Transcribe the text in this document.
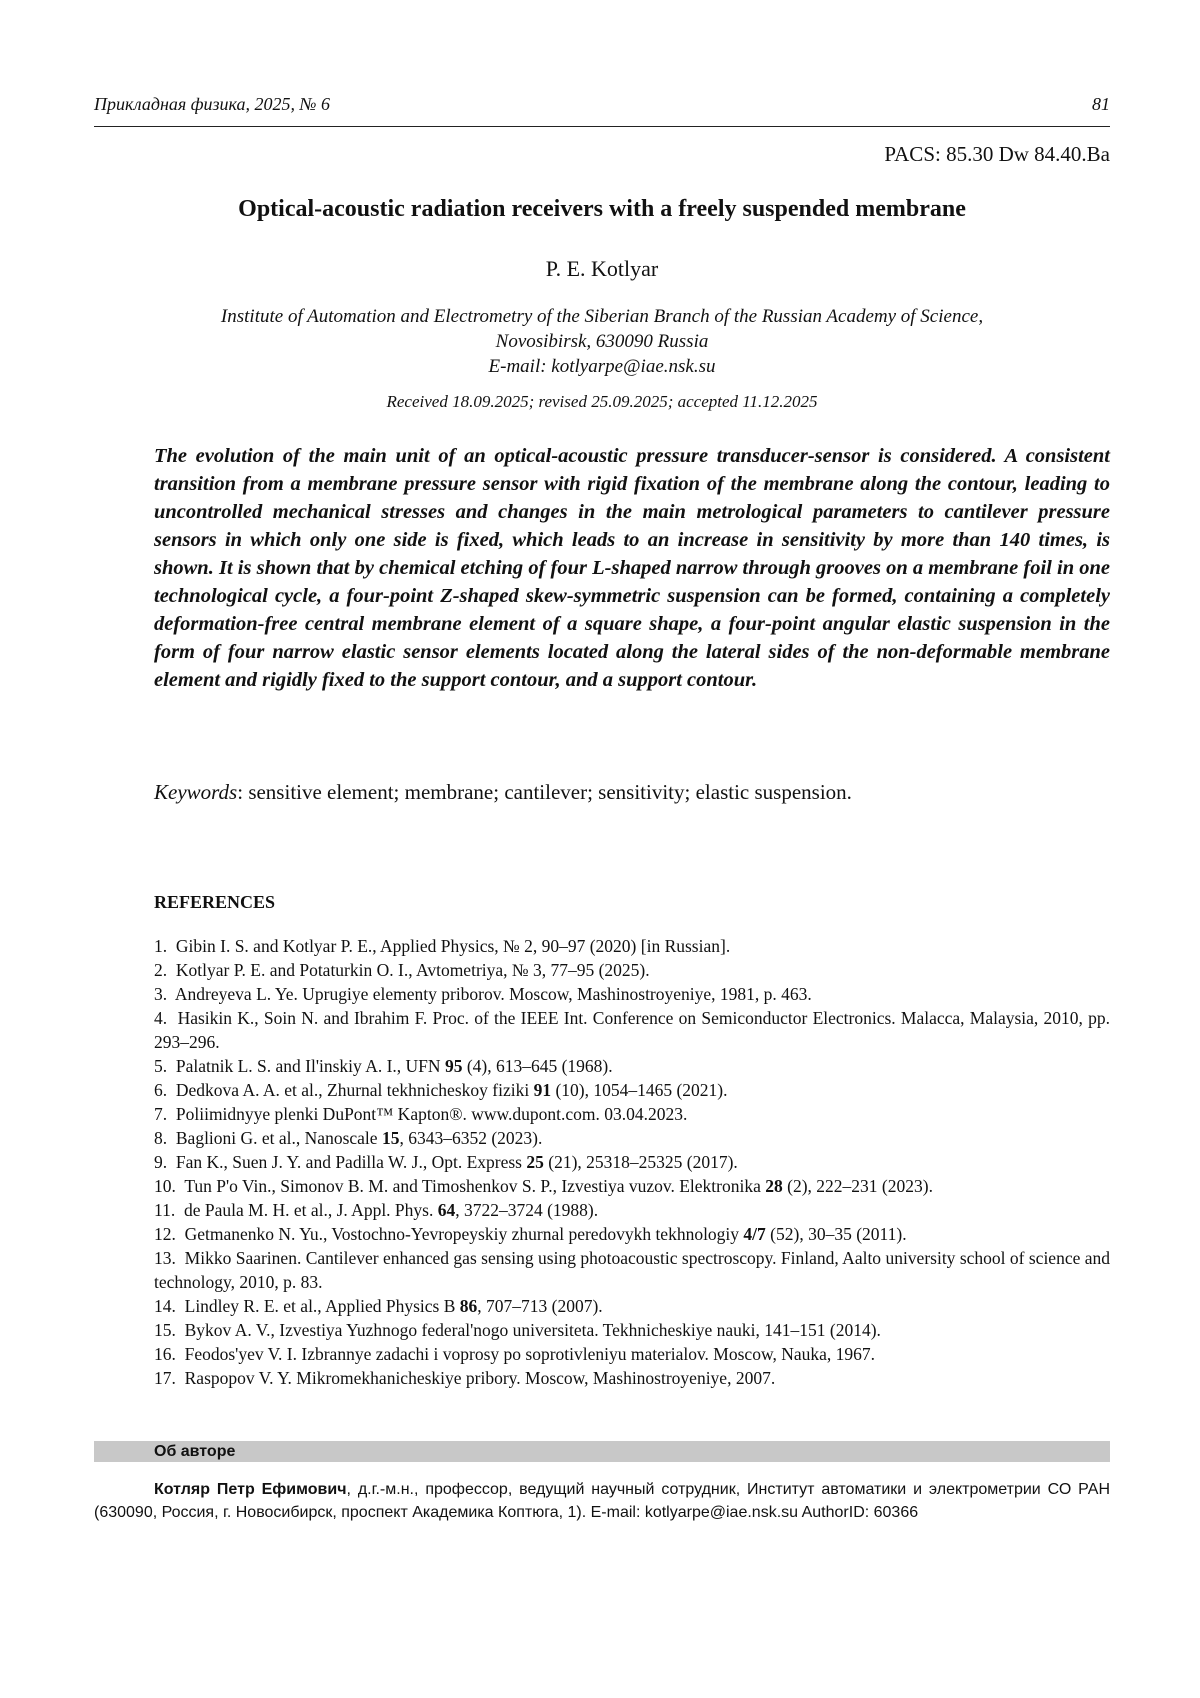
Прикладная физика, 2025, № 6	81
PACS: 85.30 Dw 84.40.Ba
Optical-acoustic radiation receivers with a freely suspended membrane
P. E. Kotlyar
Institute of Automation and Electrometry of the Siberian Branch of the Russian Academy of Science,
Novosibirsk, 630090 Russia
E-mail: kotlyarpe@iae.nsk.su
Received 18.09.2025; revised 25.09.2025; accepted 11.12.2025
The evolution of the main unit of an optical-acoustic pressure transducer-sensor is considered. A consistent transition from a membrane pressure sensor with rigid fixation of the membrane along the contour, leading to uncontrolled mechanical stresses and changes in the main metrological parameters to cantilever pressure sensors in which only one side is fixed, which leads to an increase in sensitivity by more than 140 times, is shown. It is shown that by chemical etching of four L-shaped narrow through grooves on a membrane foil in one technological cycle, a four-point Z-shaped skew-symmetric suspension can be formed, containing a completely deformation-free central membrane element of a square shape, a four-point angular elastic suspension in the form of four narrow elastic sensor elements located along the lateral sides of the non-deformable membrane element and rigidly fixed to the support contour, and a support contour.
Keywords: sensitive element; membrane; cantilever; sensitivity; elastic suspension.
REFERENCES
1. Gibin I. S. and Kotlyar P. E., Applied Physics, № 2, 90–97 (2020) [in Russian].
2. Kotlyar P. E. and Potaturkin O. I., Avtometriya, № 3, 77–95 (2025).
3. Andreyeva L. Ye. Uprugiye elementy priborov. Moscow, Mashinostroyeniye, 1981, p. 463.
4. Hasikin K., Soin N. and Ibrahim F. Proc. of the IEEE Int. Conference on Semiconductor Electronics. Malacca, Malaysia, 2010, pp. 293–296.
5. Palatnik L. S. and Il'inskiy A. I., UFN 95 (4), 613–645 (1968).
6. Dedkova A. A. et al., Zhurnal tekhnicheskoy fiziki 91 (10), 1054–1465 (2021).
7. Poliimidnyye plenki DuPont™ Kapton®. www.dupont.com. 03.04.2023.
8. Baglioni G. et al., Nanoscale 15, 6343–6352 (2023).
9. Fan K., Suen J. Y. and Padilla W. J., Opt. Express 25 (21), 25318–25325 (2017).
10. Tun P'o Vin., Simonov B. M. and Timoshenkov S. P., Izvestiya vuzov. Elektronika 28 (2), 222–231 (2023).
11. de Paula M. H. et al., J. Appl. Phys. 64, 3722–3724 (1988).
12. Getmanenko N. Yu., Vostochno-Yevropeyskiy zhurnal peredovykh tekhnologiy 4/7 (52), 30–35 (2011).
13. Mikko Saarinen. Cantilever enhanced gas sensing using photoacoustic spectroscopy. Finland, Aalto university school of science and technology, 2010, p. 83.
14. Lindley R. E. et al., Applied Physics B 86, 707–713 (2007).
15. Bykov A. V., Izvestiya Yuzhnogo federal'nogo universiteta. Tekhnicheskiye nauki, 141–151 (2014).
16. Feodos'yev V. I. Izbrannye zadachi i voprosy po soprotivleniyu materialov. Moscow, Nauka, 1967.
17. Raspopov V. Y. Mikromekhanicheskiye pribory. Moscow, Mashinostroyeniye, 2007.
Об авторе
Котляр Петр Ефимович, д.г.-м.н., профессор, ведущий научный сотрудник, Институт автоматики и электрометрии СО РАН (630090, Россия, г. Новосибирск, проспект Академика Коптюга, 1). E-mail: kotlyarpe@iae.nsk.su AuthorID: 60366
